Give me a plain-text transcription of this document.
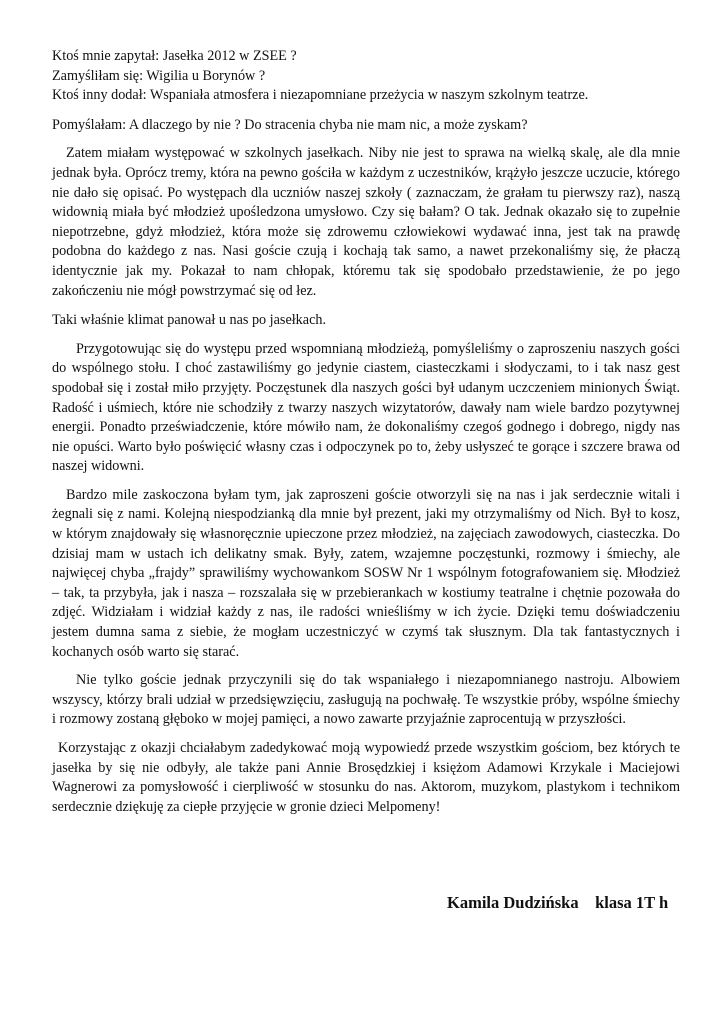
Ktoś mnie zapytał: Jasełka 2012 w ZSEE ?

Zamyśliłam się: Wigilia u Borynów ?

Ktoś inny dodał: Wspaniała atmosfera i niezapomniane przeżycia w naszym szkolnym teatrze.

Pomyślałam: A dlaczego by nie ? Do stracenia chyba nie mam nic, a może zyskam?

Zatem miałam występować w szkolnych jasełkach. Niby nie jest to sprawa na wielką skalę, ale dla mnie jednak była. Oprócz tremy, która na pewno gościła w każdym z uczestników, krążyło jeszcze uczucie, którego nie dało się opisać. Po występach dla uczniów naszej szkoły ( zaznaczam, że grałam tu pierwszy raz), naszą widownią miała być młodzież upośledzona umysłowo. Czy się bałam? O tak. Jednak okazało się to zupełnie niepotrzebne, gdyż młodzież, która może się zdrowemu człowiekowi wydawać inna, jest tak na prawdę podobna do każdego z nas. Nasi goście czują i kochają tak samo, a nawet przekonaliśmy się, że płaczą identycznie jak my. Pokazał to nam chłopak, któremu tak się spodobało przedstawienie, że po jego zakończeniu nie mógł powstrzymać się od łez.

Taki właśnie klimat panował u nas po jasełkach.

Przygotowując się do występu przed wspomnianą młodzieżą, pomyśleliśmy o zaproszeniu naszych gości do wspólnego stołu. I choć zastawiliśmy go jedynie ciastem, ciasteczkami i słodyczami, to i tak nasz gest spodobał się i został miło przyjęty. Poczęstunek dla naszych gości był udanym uczczeniem minionych Świąt. Radość i uśmiech, które nie schodziły z twarzy naszych wizytatorów, dawały nam wiele bardzo pozytywnej energii. Ponadto przeświadczenie, które mówiło nam, że dokonaliśmy czegoś godnego i dobrego, nigdy nas nie opuści. Warto było poświęcić własny czas i odpoczynek po to, żeby usłyszeć te gorące i szczere brawa od naszej widowni.

Bardzo mile zaskoczona byłam tym, jak zaproszeni goście otworzyli się na nas i jak serdecznie witali i żegnali się z nami. Kolejną niespodzianką dla mnie był prezent, jaki my otrzymaliśmy od Nich. Był to kosz, w którym znajdowały się własnoręcznie upieczone przez młodzież, na zajęciach zawodowych, ciasteczka. Do dzisiaj mam w ustach ich delikatny smak. Były, zatem, wzajemne poczęstunki, rozmowy i śmiechy, ale najwięcej chyba „frajdy” sprawiliśmy wychowankom SOSW Nr 1 wspólnym fotografowaniem się. Młodzież – tak, ta przybyła, jak i nasza – rozszalała się w przebierankach w kostiumy teatralne i chętnie pozowała do zdjęć. Widziałam i widział każdy z nas, ile radości wnieśliśmy w ich życie. Dzięki temu doświadczeniu jestem dumna sama z siebie, że mogłam uczestniczyć w czymś tak słusznym. Dla tak fantastycznych i kochanych osób warto się starać.

Nie tylko goście jednak przyczynili się do tak wspaniałego i niezapomnianego nastroju. Albowiem wszyscy, którzy brali udział w przedsięwzięciu, zasługują na pochwałę. Te wszystkie próby, wspólne śmiechy i rozmowy zostaną głęboko w mojej pamięci, a nowo zawarte przyjaźnie zaprocentują w przyszłości.

Korzystając z okazji chciałabym zadedykować moją wypowiedź przede wszystkim gościom, bez których te jasełka by się nie odbyły, ale także pani Annie Brosędzkiej i księżom Adamowi Krzykale i Maciejowi Wagnerowi za pomysłowość i cierpliwość w stosunku do nas. Aktorom, muzykom, plastykom i technikom serdecznie dziękuję za ciepłe przyjęcie w gronie dzieci Melpomeny!

Kamila Dudzińska klasa 1T h
